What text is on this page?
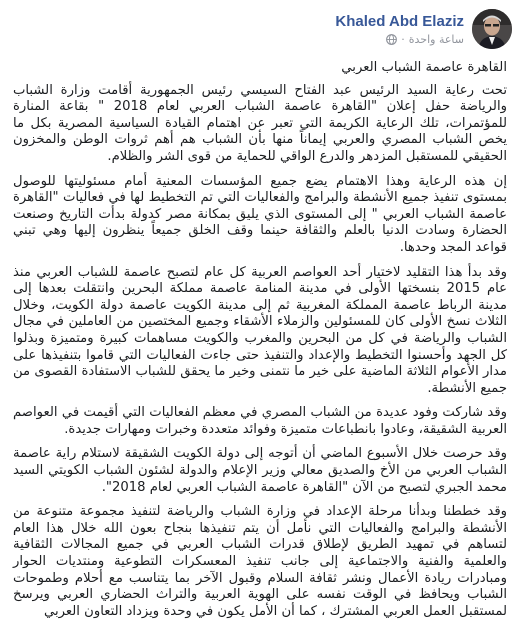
Khaled Abd Elaziz
ساعة واحدة
·

القاهرة عاصمة الشباب العربي

تحت رعاية السيد الرئيس عبد الفتاح السيسي رئيس الجمهورية أقامت وزارة الشباب والرياضة حفل إعلان "القاهرة عاصمة الشباب العربي لعام 2018 " بقاعة المنارة للمؤتمرات، تلك الرعاية الكريمة التي تعبر عن اهتمام القيادة السياسية المصرية بكل ما يخص الشباب المصري والعربي إيماناً منها بأن الشباب هم أهم ثروات الوطن والمخزون الحقيقي للمستقبل المزدهر والدرع الواقي للحماية من قوى الشر والظلام.

إن هذه الرعاية وهذا الاهتمام يضع جميع المؤسسات المعنية أمام مسئوليتها للوصول بمستوى تنفيذ جميع الأنشطة والبرامج والفعاليات التي تم التخطيط لها في فعاليات "القاهرة عاصمة الشباب العربي " إلى المستوى الذي يليق بمكانة مصر كدولة بدأت التاريخ وصنعت الحضارة وسادت الدنيا بالعلم والثقافة حينما وقف الخلق جميعاً ينظرون إليها وهي تبني قواعد المجد وحدها.

وقد بدأ هذا التقليد لاختيار أحد العواصم العربية كل عام لتصبح عاصمة للشباب العربي منذ عام 2015 بنسختها الأولى في مدينة المنامة عاصمة مملكة البحرين وانتقلت بعدها إلى مدينة الرباط عاصمة المملكة المغربية ثم إلى مدينة الكويت عاصمة دولة الكويت، وخلال الثلاث نسخ الأولى كان للمسئولين والزملاء الأشقاء وجميع المختصين من العاملين في مجال الشباب والرياضة في كل من البحرين والمغرب والكويت مساهمات كبيرة ومتميزة وبذلوا كل الجهد وأحسنوا التخطيط والإعداد والتنفيذ حتى جاءت الفعاليات التي قاموا بتنفيذها على مدار الأعوام الثلاثة الماضية على خير ما نتمنى وخير ما يحقق للشباب الاستفادة القصوى من جميع الأنشطة.

وقد شاركت وفود عديدة من الشباب المصري في معظم الفعاليات التي أقيمت في العواصم العربية الشقيقة، وعادوا بانطباعات متميزة وفوائد متعددة وخبرات ومهارات جديدة.

وقد حرصت خلال الأسبوع الماضي أن أتوجه إلى دولة الكويت الشقيقة لاستلام راية عاصمة الشباب العربي من الأخ والصديق معالي وزير الإعلام والدولة لشئون الشباب الكويتي السيد محمد الجبري لتصبح من الآن "القاهرة عاصمة الشباب العربي لعام 2018".

وقد خططنا وبدأنا مرحلة الإعداد في وزارة الشباب والرياضة لتنفيذ مجموعة متنوعة من الأنشطة والبرامج والفعاليات التي نأمل أن يتم تنفيذها بنجاح بعون الله خلال هذا العام لتساهم في تمهيد الطريق لإطلاق قدرات الشباب العربي في جميع المجالات الثقافية والعلمية والفنية والاجتماعية إلى جانب تنفيذ المعسكرات التطوعية ومنتديات الحوار ومبادرات ريادة الأعمال ونشر ثقافة السلام وقبول الآخر بما يتناسب مع أحلام وطموحات الشباب ويحافظ في الوقت نفسه على الهوية العربية والتراث الحضاري العربي ويرسخ لمستقبل العمل العربي المشترك ، كما أن الأمل يكون في وحدة ويزداد التعاون العربي
